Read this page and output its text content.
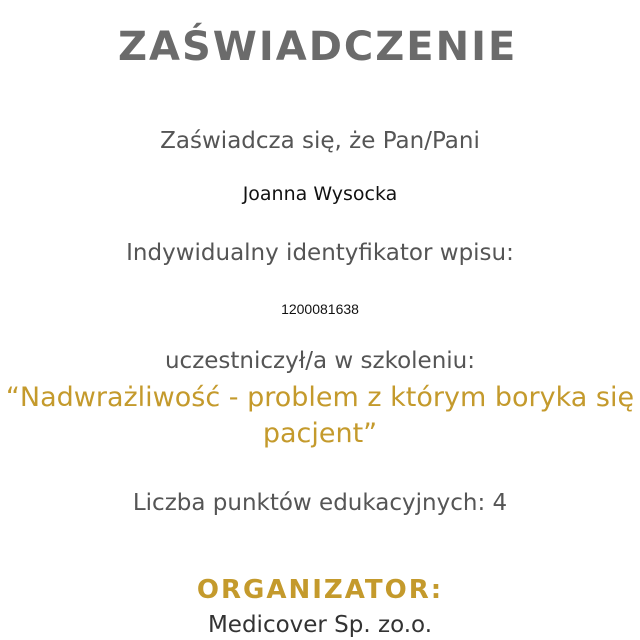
ZAŚWIADCZENIE
Zaświadcza się, że Pan/Pani
Joanna Wysocka
Indywidualny identyfikator wpisu:
1200081638
uczestniczył/a w szkoleniu:
“Nadwrażliwość - problem z którym boryka się pacjent”
Liczba punktów edukacyjnych: 4
ORGANIZATOR:
Medicover Sp. zo.o.
